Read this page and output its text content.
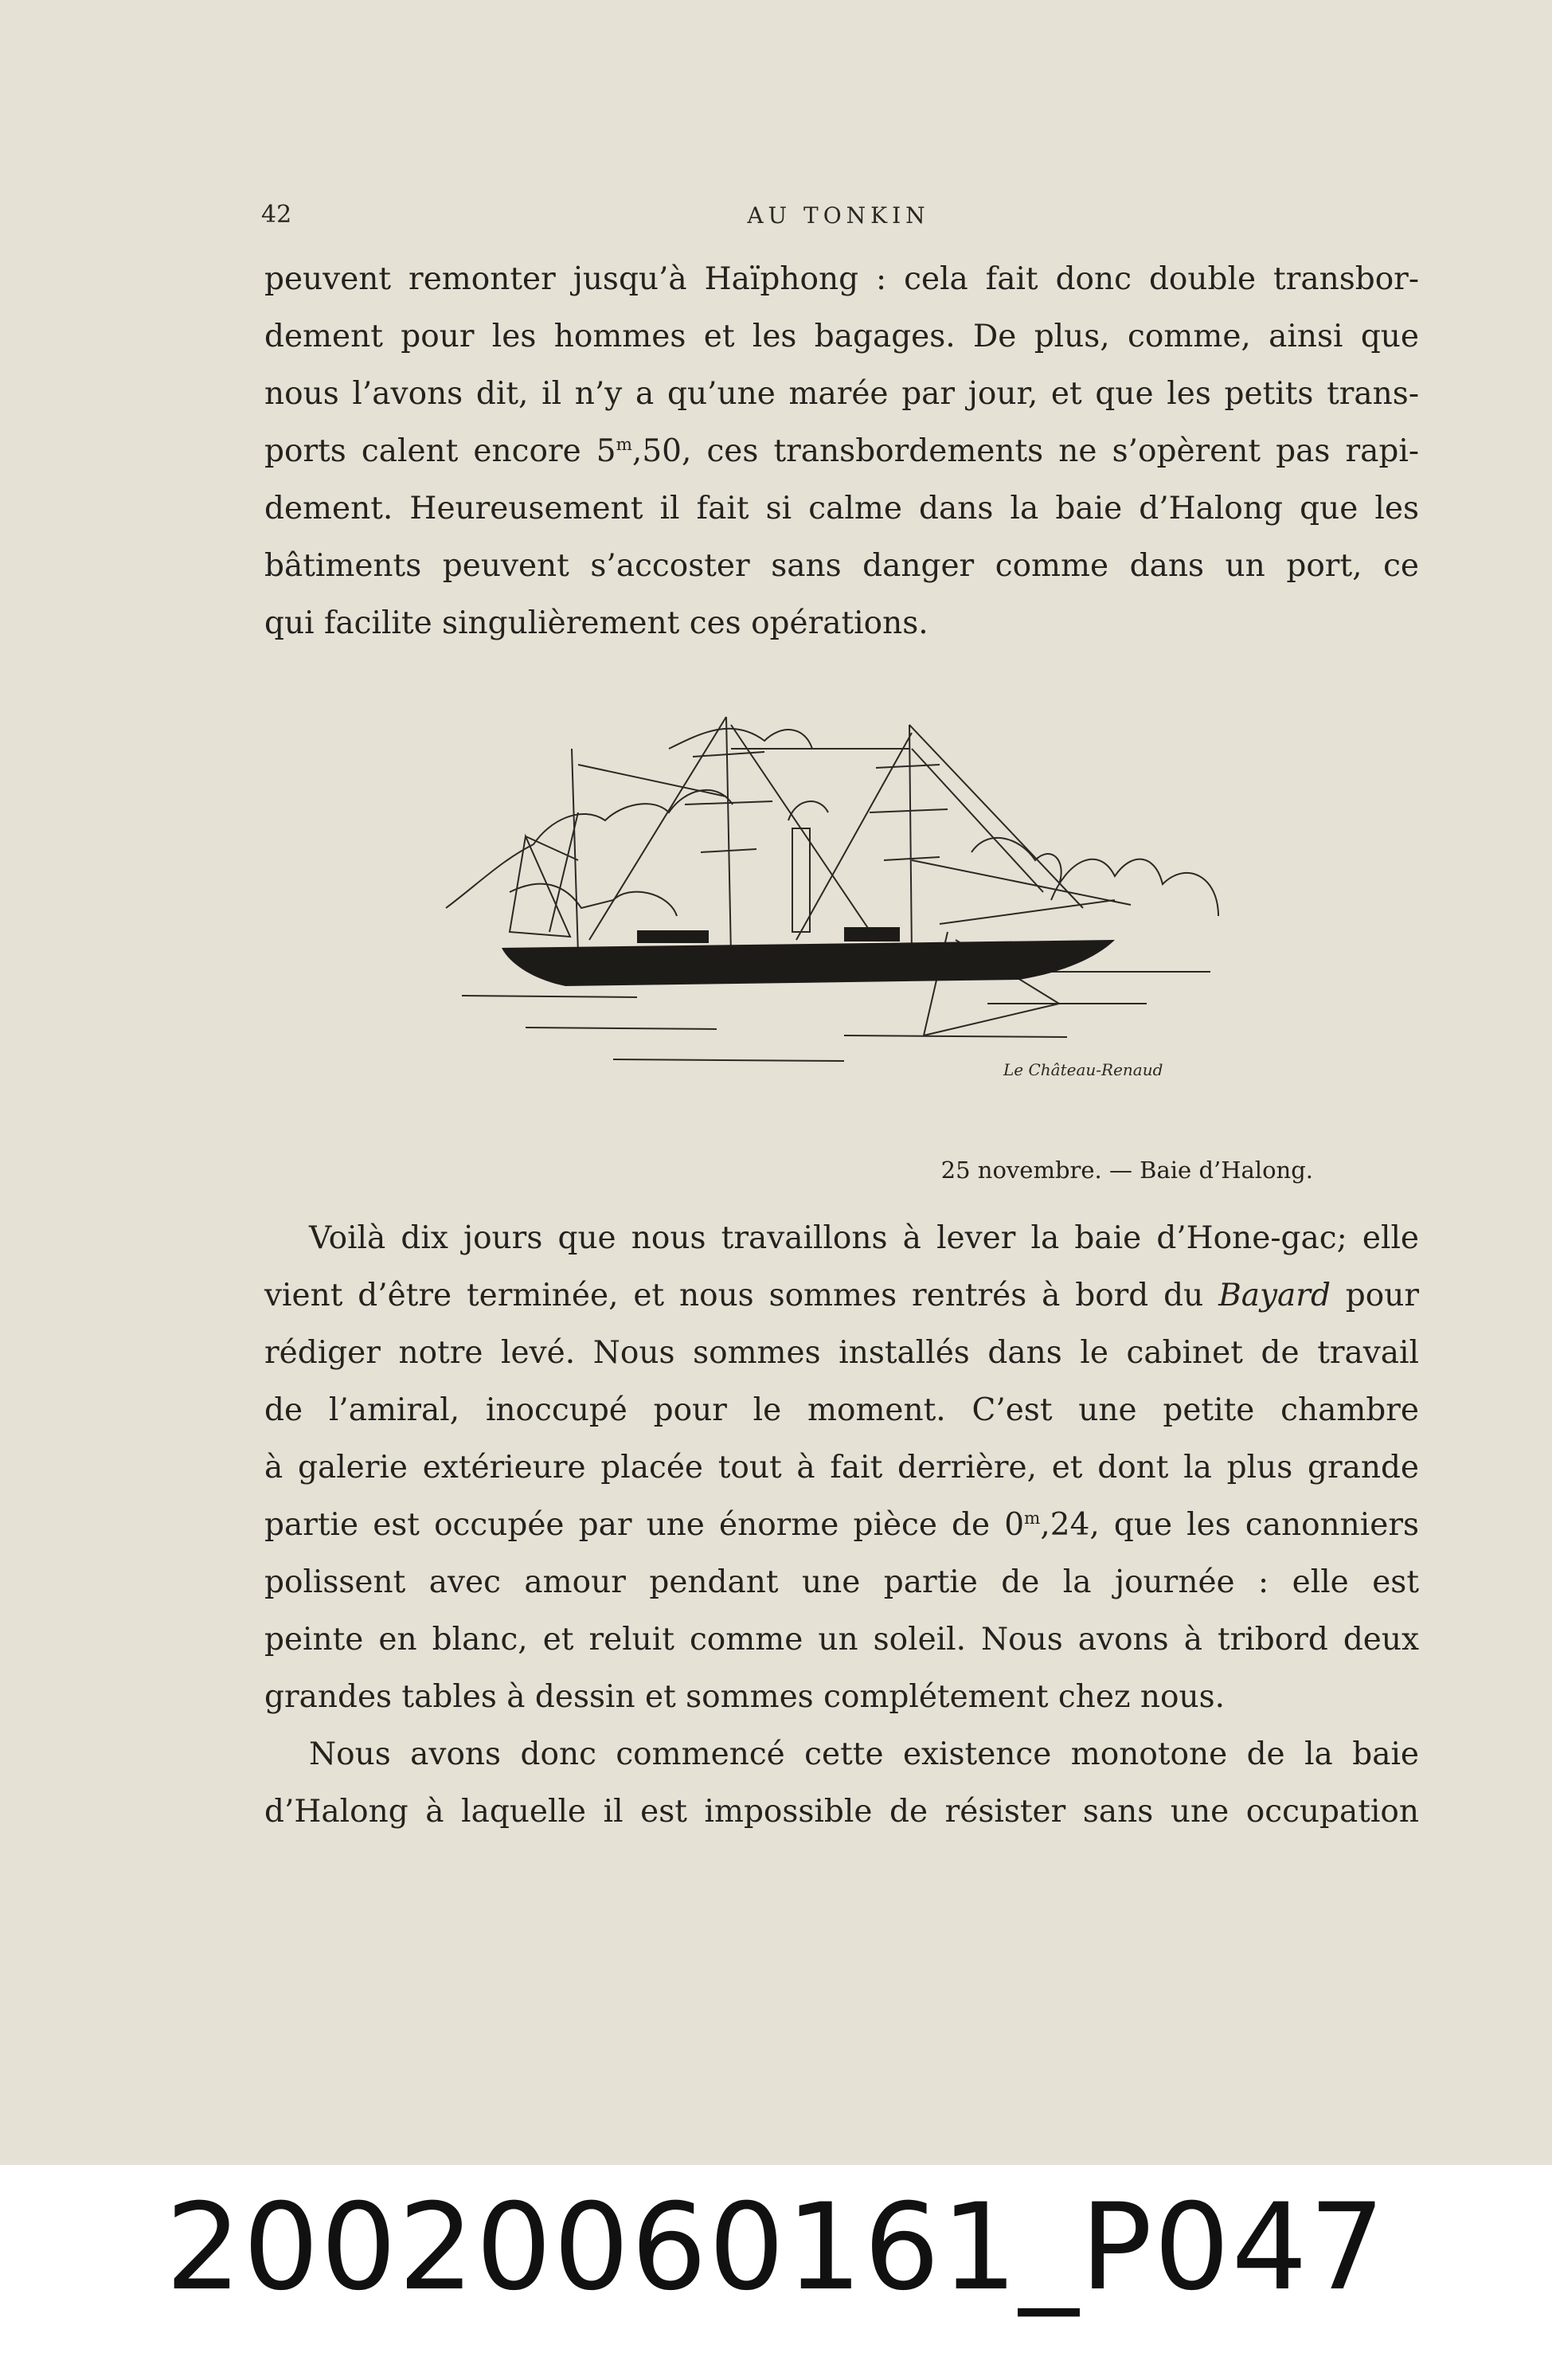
42	AU TONKIN
peuvent remonter jusqu’à Haïphong : cela fait donc double transbor-
dement pour les hommes et les bagages. De plus, comme, ainsi que
nous l’avons dit, il n’y a qu’une marée par jour, et que les petits trans-
ports calent encore 5$^m$,50, ces transbordements ne s’opèrent pas rapi-
dement. Heureusement il fait si calme dans la baie d’Halong que les
bâtiments peuvent s’accoster sans danger comme dans un port, ce
qui facilite singulièrement ces opérations.
Le Château-Renaud
25 novembre. — Baie d’Halong.
Voilà dix jours que nous travaillons à lever la baie d’Hone-gac; elle
vient d’être terminée, et nous sommes rentrés à bord du Bayard pour
rédiger notre levé. Nous sommes installés dans le cabinet de travail
de l’amiral, inoccupé pour le moment. C’est une petite chambre
à galerie extérieure placée tout à fait derrière, et dont la plus grande
partie est occupée par une énorme pièce de 0$^m$,24, que les canonniers
polissent avec amour pendant une partie de la journée : elle est
peinte en blanc, et reluit comme un soleil. Nous avons à tribord deux
grandes tables à dessin et sommes complétement chez nous.
Nous avons donc commencé cette existence monotone de la baie
d’Halong à laquelle il est impossible de résister sans une occupation
20020060161_P047
